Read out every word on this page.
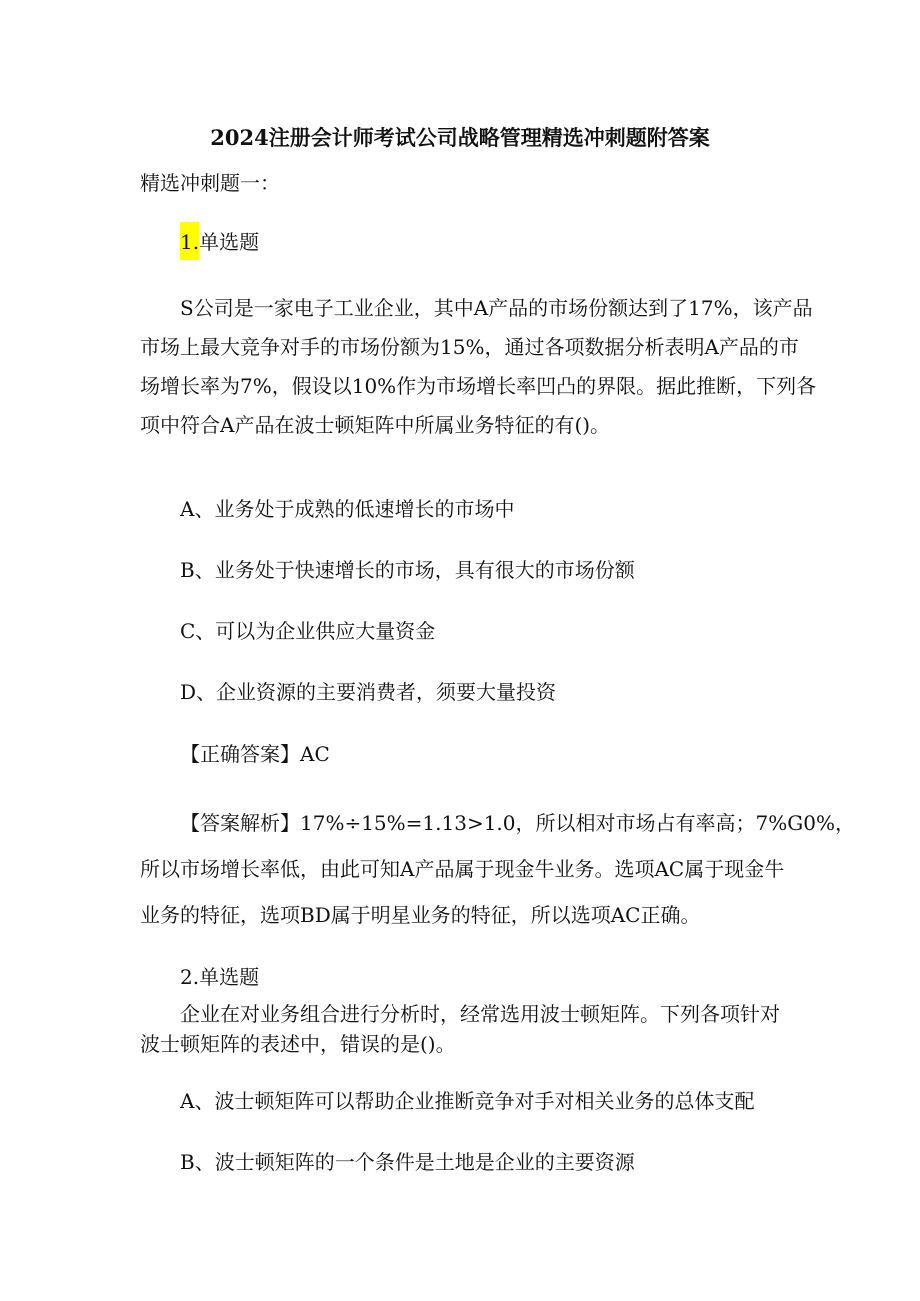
2024注册会计师考试公司战略管理精选冲刺题附答案

精选冲刺题一：

1.单选题

S公司是一家电子工业企业，其中A产品的市场份额达到了17%，该产品
市场上最大竞争对手的市场份额为15%，通过各项数据分析表明A产品的市
场增长率为7%，假设以10%作为市场增长率凹凸的界限。据此推断，下列各
项中符合A产品在波士顿矩阵中所属业务特征的有()。

A、业务处于成熟的低速增长的市场中

B、业务处于快速增长的市场，具有很大的市场份额

C、可以为企业供应大量资金

D、企业资源的主要消费者，须要大量投资

【正确答案】AC

【答案解析】17%÷15%=1.13>1.0，所以相对市场占有率高；7%G0%，
所以市场增长率低，由此可知A产品属于现金牛业务。选项AC属于现金牛
业务的特征，选项BD属于明星业务的特征，所以选项AC正确。

2.单选题

企业在对业务组合进行分析时，经常选用波士顿矩阵。下列各项针对
波士顿矩阵的表述中，错误的是()。

A、波士顿矩阵可以帮助企业推断竞争对手对相关业务的总体支配

B、波士顿矩阵的一个条件是土地是企业的主要资源
